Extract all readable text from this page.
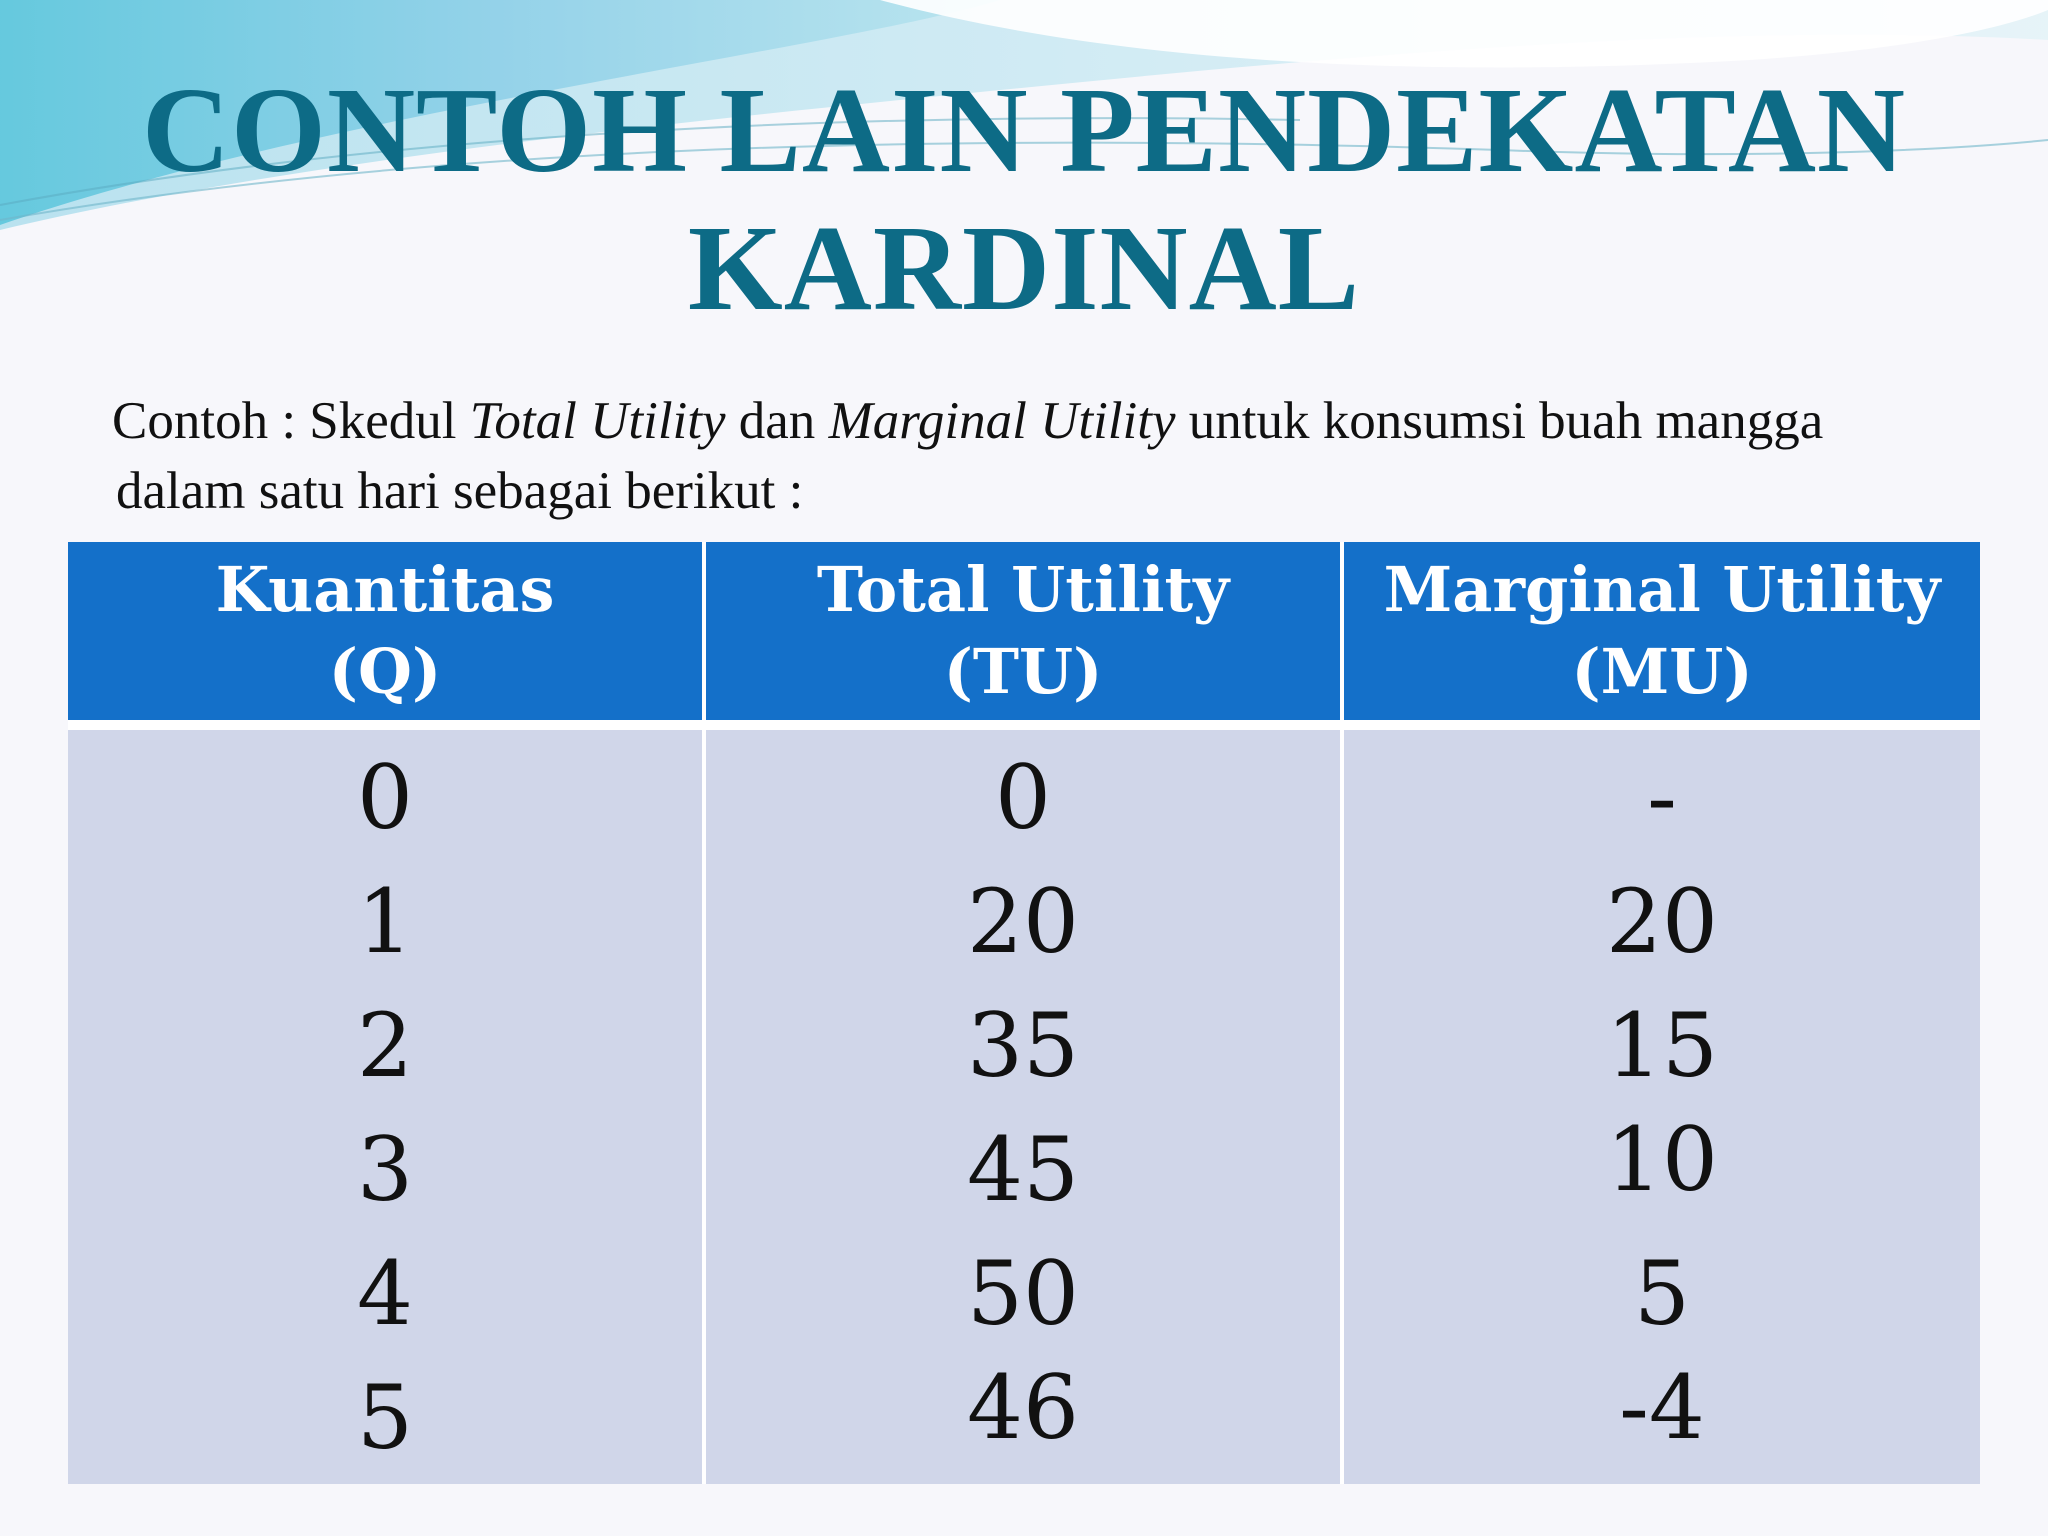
CONTOH LAIN PENDEKATAN
KARDINAL
Contoh : Skedul Total Utility dan Marginal Utility untuk konsumsi buah mangga
dalam satu hari sebagai berikut :
Kuantitas
(Q)
Total Utility
(TU)
Marginal Utility
(MU)
0
1
2
3
4
5
0
20
35
45
50
46
-
20
15
10
5
-4
